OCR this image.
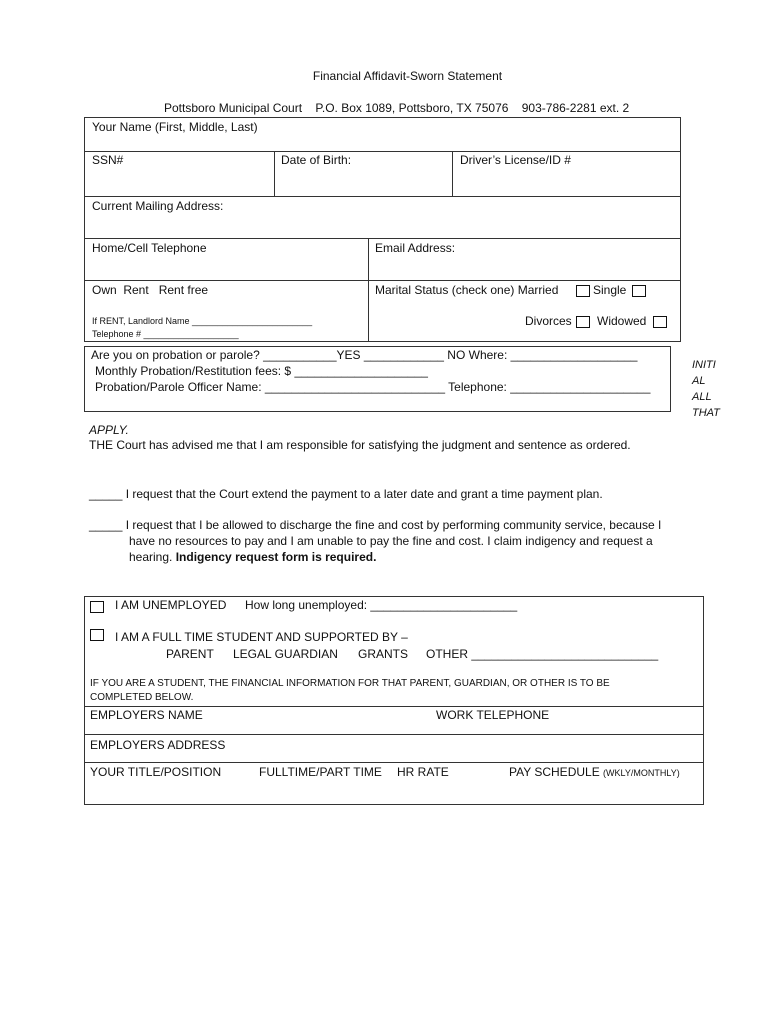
Financial Affidavit-Sworn Statement
Pottsboro Municipal Court    P.O. Box 1089, Pottsboro, TX 75076    903-786-2281 ext. 2
Your Name (First, Middle, Last)
SSN#	Date of Birth:	Driver’s License/ID #
Current Mailing Address:
Home/Cell Telephone	Email Address:
Own  Rent   Rent free
If RENT, Landlord Name ________________________
Telephone # ___________________
Marital Status (check one) Married	Single
Divorces Widowed
Are you on probation or parole? ___________YES ____________ NO Where: ___________________
Monthly Probation/Restitution fees: $ ____________________
Probation/Parole Officer Name: ___________________________ Telephone: _____________________
INITI
AL
ALL
THAT
APPLY.
THE Court has advised me that I am responsible for satisfying the judgment and sentence as ordered.
_____ I request that the Court extend the payment to a later date and grant a time payment plan.
_____ I request that I be allowed to discharge the fine and cost by performing community service, because I
have no resources to pay and I am unable to pay the fine and cost. I claim indigency and request a
hearing. Indigency request form is required.
I AM UNEMPLOYED How long unemployed: ______________________
I AM A FULL TIME STUDENT AND SUPPORTED BY –
PARENT LEGAL GUARDIAN GRANTS OTHER ____________________________
IF YOU ARE A STUDENT, THE FINANCIAL INFORMATION FOR THAT PARENT, GUARDIAN, OR OTHER IS TO BE
COMPLETED BELOW.
EMPLOYERS NAME	WORK TELEPHONE
EMPLOYERS ADDRESS
YOUR TITLE/POSITION	FULLTIME/PART TIME HR RATE	PAY SCHEDULE (WKLY/MONTHLY)
